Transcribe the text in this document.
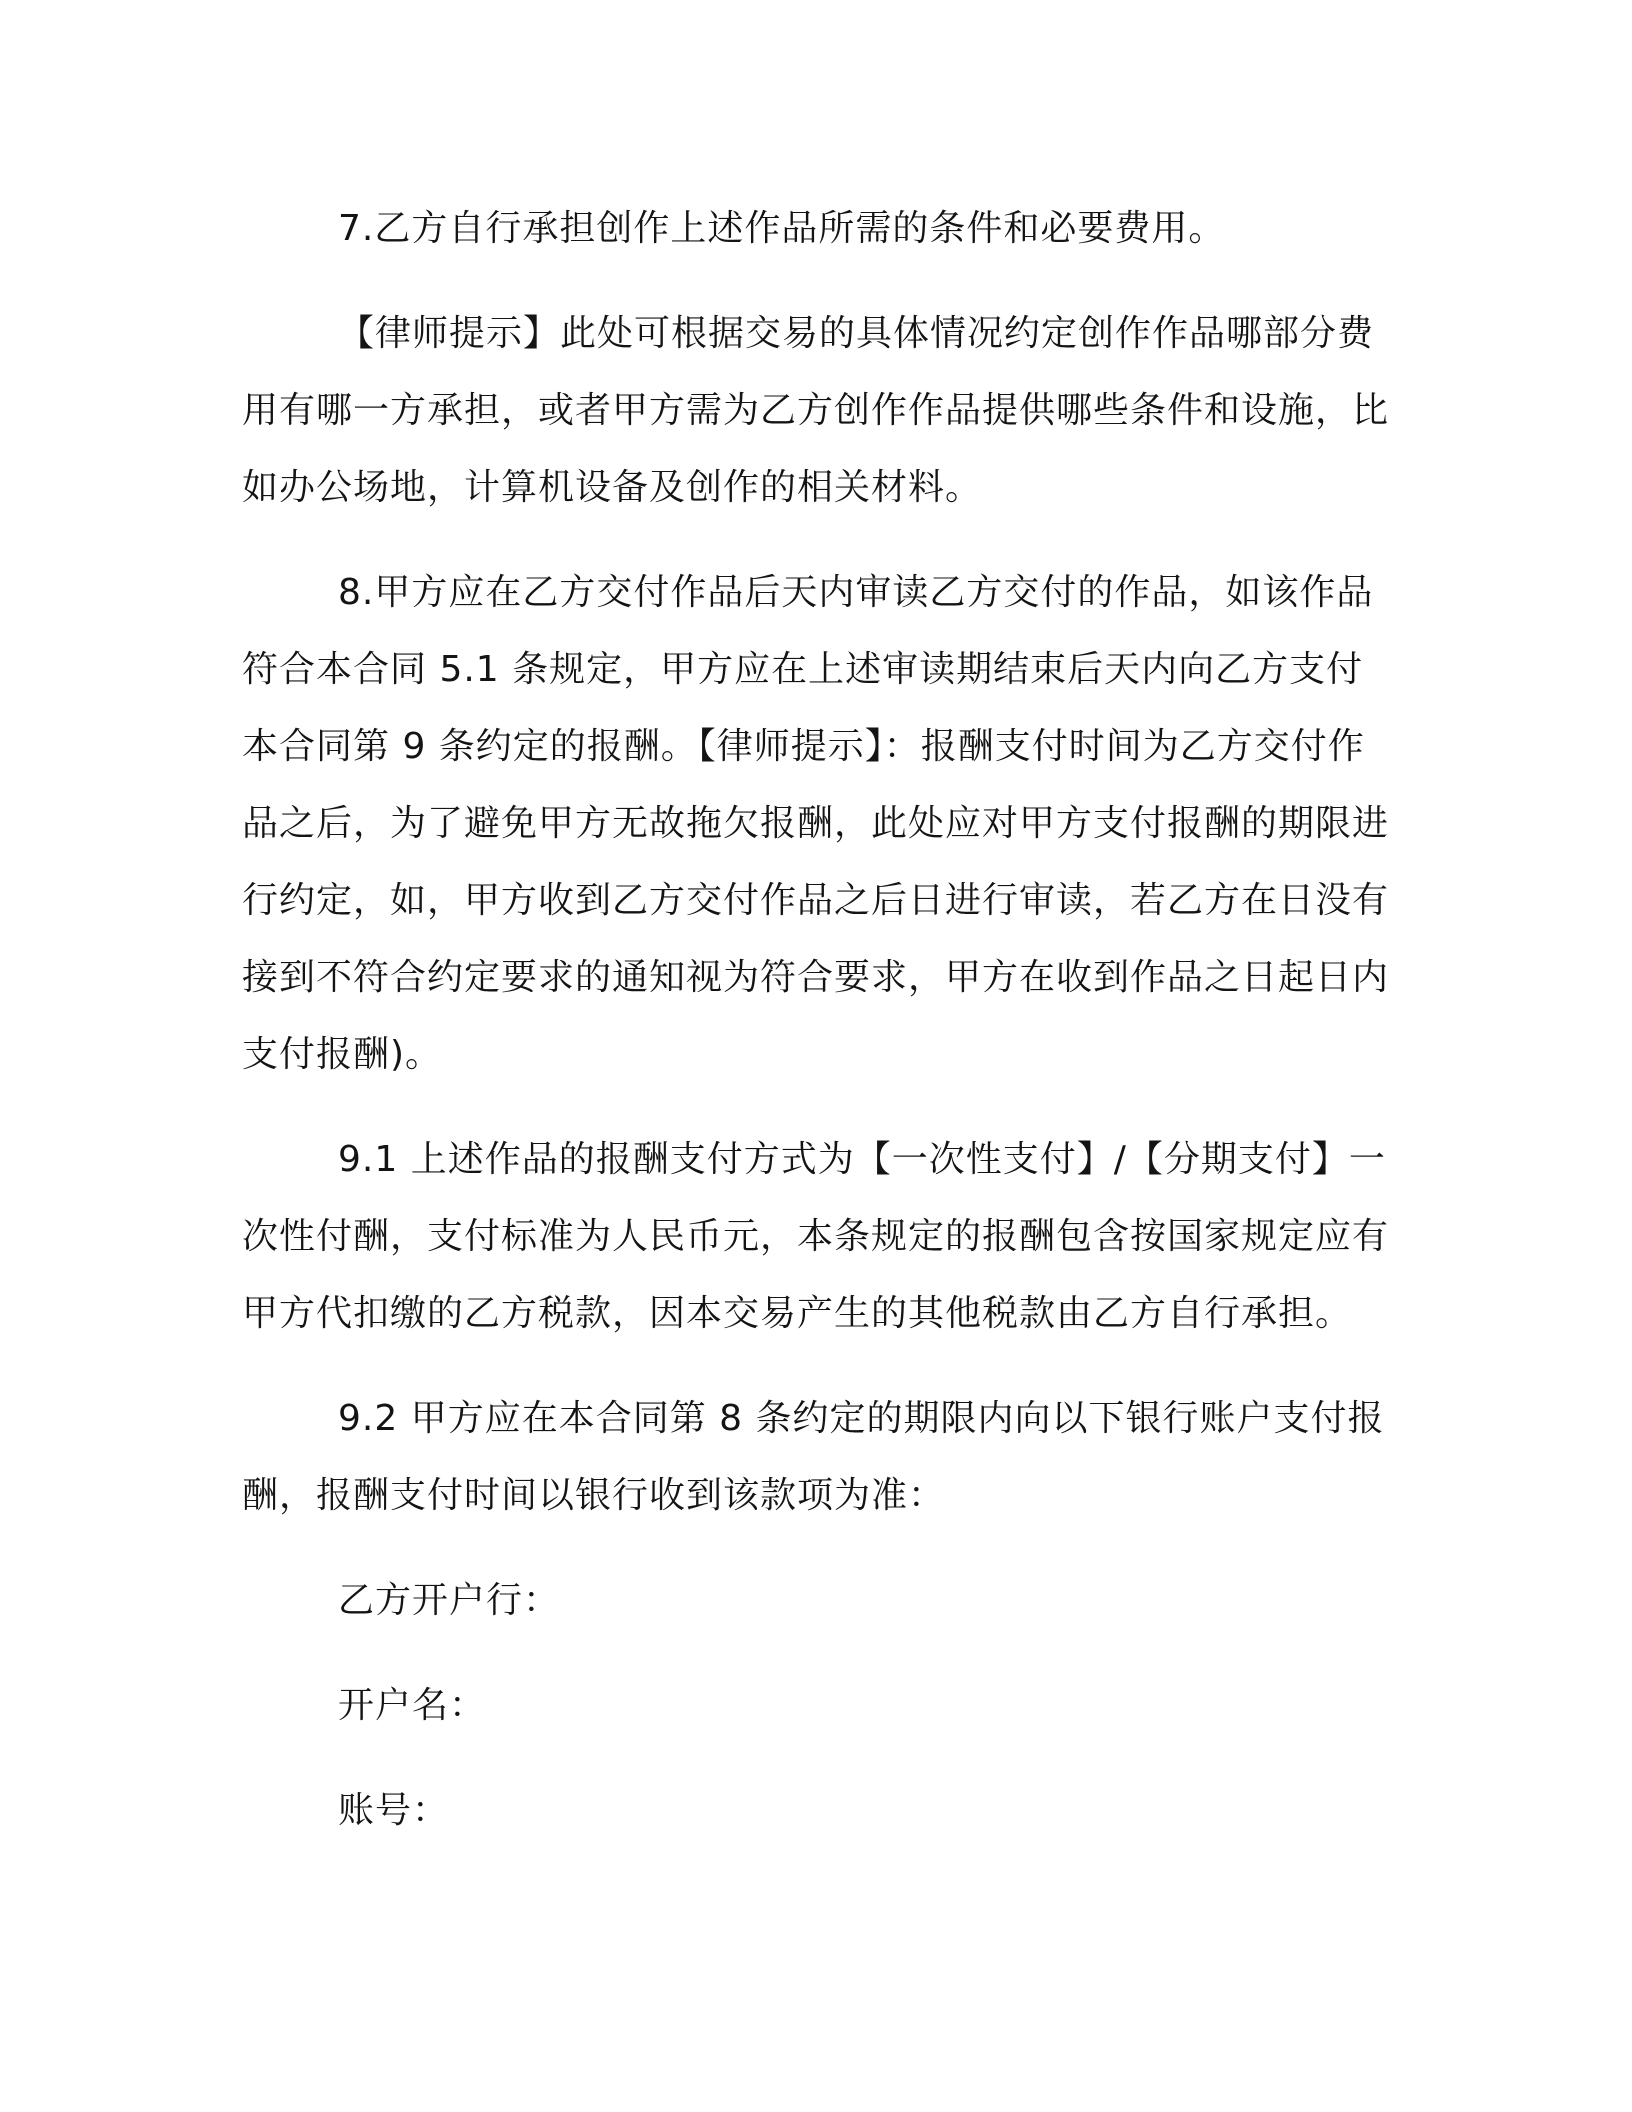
7.乙方自行承担创作上述作品所需的条件和必要费用。

【律师提示】此处可根据交易的具体情况约定创作作品哪部分费用有哪一方承担，或者甲方需为乙方创作作品提供哪些条件和设施，比如办公场地，计算机设备及创作的相关材料。

8.甲方应在乙方交付作品后天内审读乙方交付的作品，如该作品符合本合同 5.1 条规定，甲方应在上述审读期结束后天内向乙方支付本合同第 9 条约定的报酬。【律师提示】：报酬支付时间为乙方交付作品之后，为了避免甲方无故拖欠报酬，此处应对甲方支付报酬的期限进行约定，如，甲方收到乙方交付作品之后日进行审读，若乙方在日没有接到不符合约定要求的通知视为符合要求，甲方在收到作品之日起日内支付报酬)。

9.1 上述作品的报酬支付方式为【一次性支付】/【分期支付】一次性付酬，支付标准为人民币元，本条规定的报酬包含按国家规定应有甲方代扣缴的乙方税款，因本交易产生的其他税款由乙方自行承担。

9.2 甲方应在本合同第 8 条约定的期限内向以下银行账户支付报酬，报酬支付时间以银行收到该款项为准：

乙方开户行：

开户名：

账号：
